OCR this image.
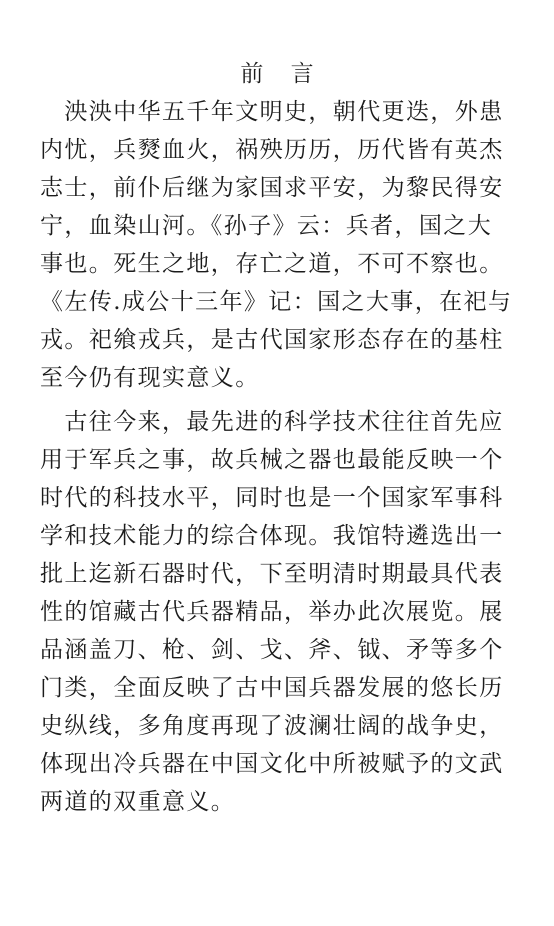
前 言
　泱泱中华五千年文明史，朝代更迭，外患
内忧，兵燹血火，祸殃历历，历代皆有英杰
志士，前仆后继为家国求平安，为黎民得安
宁，血染山河。《孙子》云：兵者，国之大
事也。死生之地，存亡之道，不可不察也。
《左传.成公十三年》记：国之大事，在祀与
戎。祀飨戎兵，是古代国家形态存在的基柱
至今仍有现实意义。
　古往今来，最先进的科学技术往往首先应
用于军兵之事，故兵械之器也最能反映一个
时代的科技水平，同时也是一个国家军事科
学和技术能力的综合体现。我馆特遴选出一
批上迄新石器时代，下至明清时期最具代表
性的馆藏古代兵器精品，举办此次展览。展
品涵盖刀、枪、剑、戈、斧、钺、矛等多个
门类，全面反映了古中国兵器发展的悠长历
史纵线，多角度再现了波澜壮阔的战争史，
体现出冷兵器在中国文化中所被赋予的文武
两道的双重意义。
